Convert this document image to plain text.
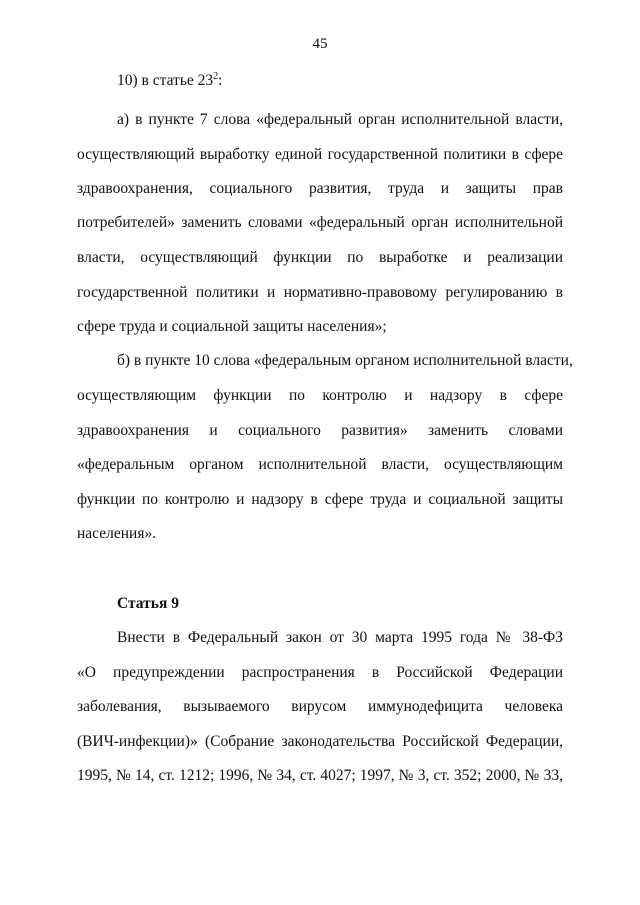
45
10) в статье $23^2$:
а) в пункте 7 слова «федеральный орган исполнительной власти,
осуществляющий выработку единой государственной политики в сфере
здравоохранения, социального развития, труда и защиты прав
потребителей» заменить словами «федеральный орган исполнительной
власти, осуществляющий функции по выработке и реализации
государственной политики и нормативно-правовому регулированию в
сфере труда и социальной защиты населения»;
б) в пункте 10 слова «федеральным органом исполнительной власти,
осуществляющим функции по контролю и надзору в сфере
здравоохранения и социального развития» заменить словами
«федеральным органом исполнительной власти, осуществляющим
функции по контролю и надзору в сфере труда и социальной защиты
населения».
Статья 9
Внести в Федеральный закон от 30 марта 1995 года № 38-ФЗ
«О предупреждении распространения в Российской Федерации
заболевания, вызываемого вирусом иммунодефицита человека
(ВИЧ-инфекции)» (Собрание законодательства Российской Федерации,
1995, № 14, ст. 1212; 1996, № 34, ст. 4027; 1997, № 3, ст. 352; 2000, № 33,
